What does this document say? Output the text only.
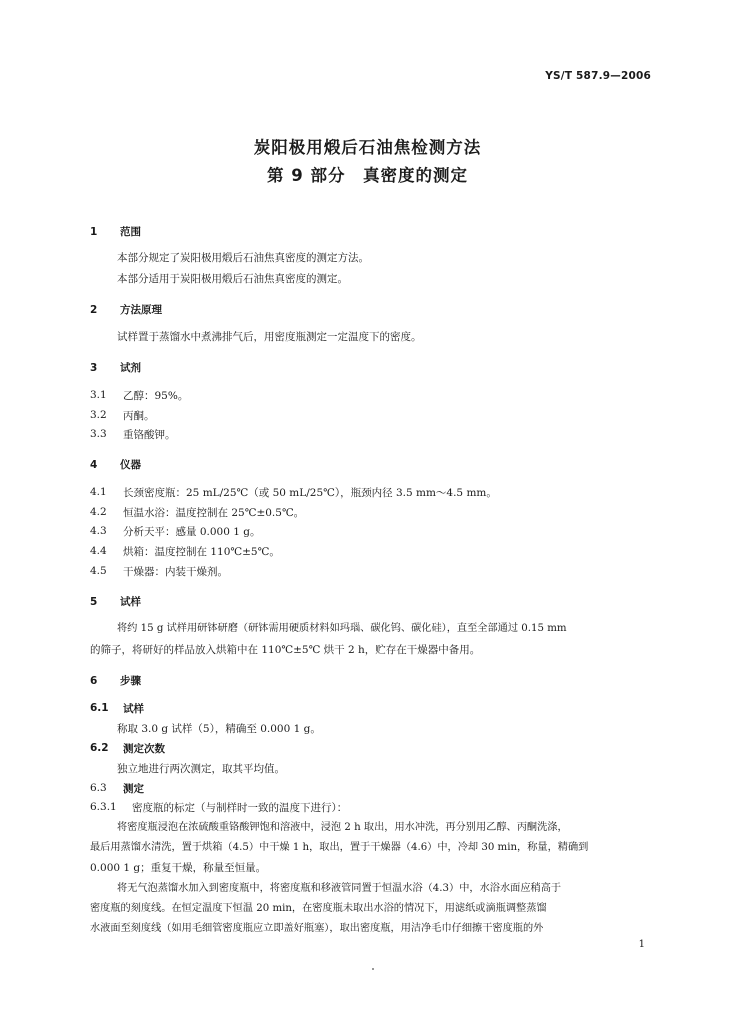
YS/T 587.9—2006
炭阳极用煅后石油焦检测方法
第 9 部分　真密度的测定
1 范围
本部分规定了炭阳极用煅后石油焦真密度的测定方法。
本部分适用于炭阳极用煅后石油焦真密度的测定。
2 方法原理
试样置于蒸馏水中煮沸排气后，用密度瓶测定一定温度下的密度。
3 试剂
3.1 乙醇：95%。
3.2 丙酮。
3.3 重铬酸钾。
4 仪器
4.1 长颈密度瓶：25 mL/25℃（或 50 mL/25℃），瓶颈内径 3.5 mm～4.5 mm。
4.2 恒温水浴：温度控制在 25℃±0.5℃。
4.3 分析天平：感量 0.000 1 g。
4.4 烘箱：温度控制在 110℃±5℃。
4.5 干燥器：内装干燥剂。
5 试样
将约 15 g 试样用研钵研磨（研钵需用硬质材料如玛瑙、碳化钨、碳化硅），直至全部通过 0.15 mm
的筛子，将研好的样品放入烘箱中在 110℃±5℃ 烘干 2 h，贮存在干燥器中备用。
6 步骤
6.1 试样
称取 3.0 g 试样（5），精确至 0.000 1 g。
6.2 测定次数
独立地进行两次测定，取其平均值。
6.3 测定
6.3.1 密度瓶的标定（与制样时一致的温度下进行）：
将密度瓶浸泡在浓硫酸重铬酸钾饱和溶液中，浸泡 2 h 取出，用水冲洗，再分别用乙醇、丙酮洗涤，
最后用蒸馏水清洗，置于烘箱（4.5）中干燥 1 h，取出，置于干燥器（4.6）中，冷却 30 min，称量，精确到
0.000 1 g；重复干燥，称量至恒量。
将无气泡蒸馏水加入到密度瓶中，将密度瓶和移液管同置于恒温水浴（4.3）中，水浴水面应稍高于
密度瓶的刻度线。在恒定温度下恒温 20 min，在密度瓶未取出水浴的情况下，用滤纸或滴瓶调整蒸馏
水液面至刻度线（如用毛细管密度瓶应立即盖好瓶塞），取出密度瓶，用洁净毛巾仔细擦干密度瓶的外
1
